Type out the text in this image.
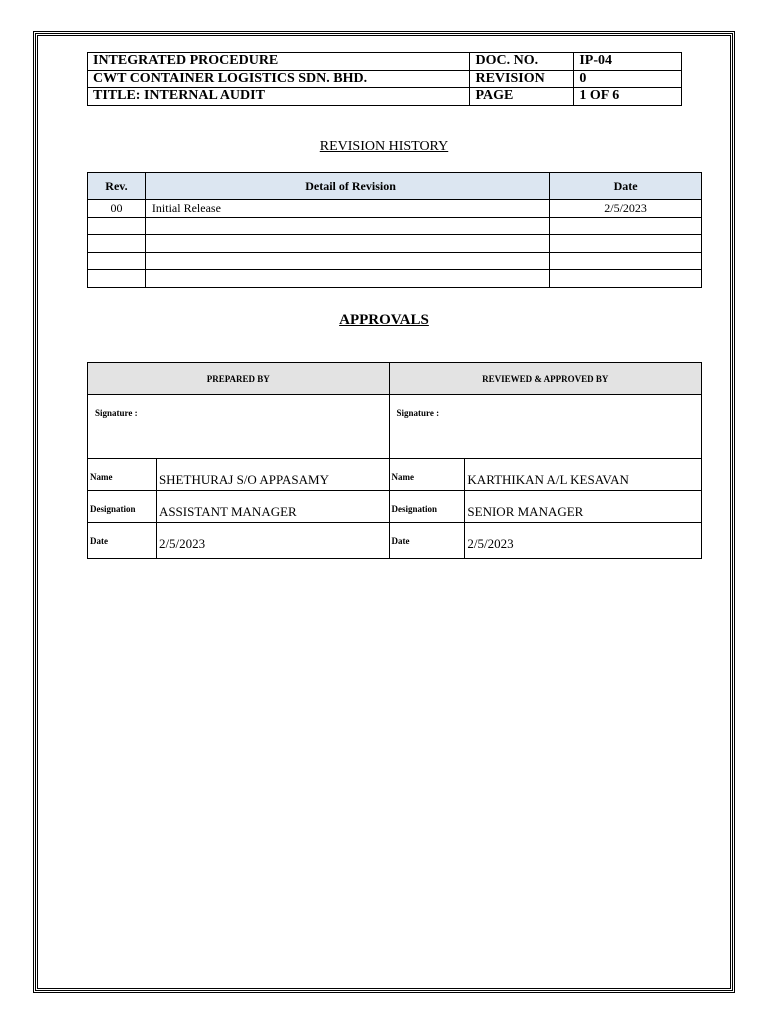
INTEGRATED PROCEDURE	DOC. NO.	IP-04
CWT CONTAINER LOGISTICS SDN. BHD.	REVISION	0
TITLE: INTERNAL AUDIT	PAGE	1 OF 6
REVISION HISTORY
Rev.	Detail of Revision	Date
00	Initial Release	2/5/2023

APPROVALS
PREPARED BY		REVIEWED & APPROVED BY	
Signature :		Signature :	
Name	SHETHURAJ S/O APPASAMY	Name	KARTHIKAN A/L KESAVAN
Designation	ASSISTANT MANAGER	Designation	SENIOR MANAGER
Date	2/5/2023	Date	2/5/2023
